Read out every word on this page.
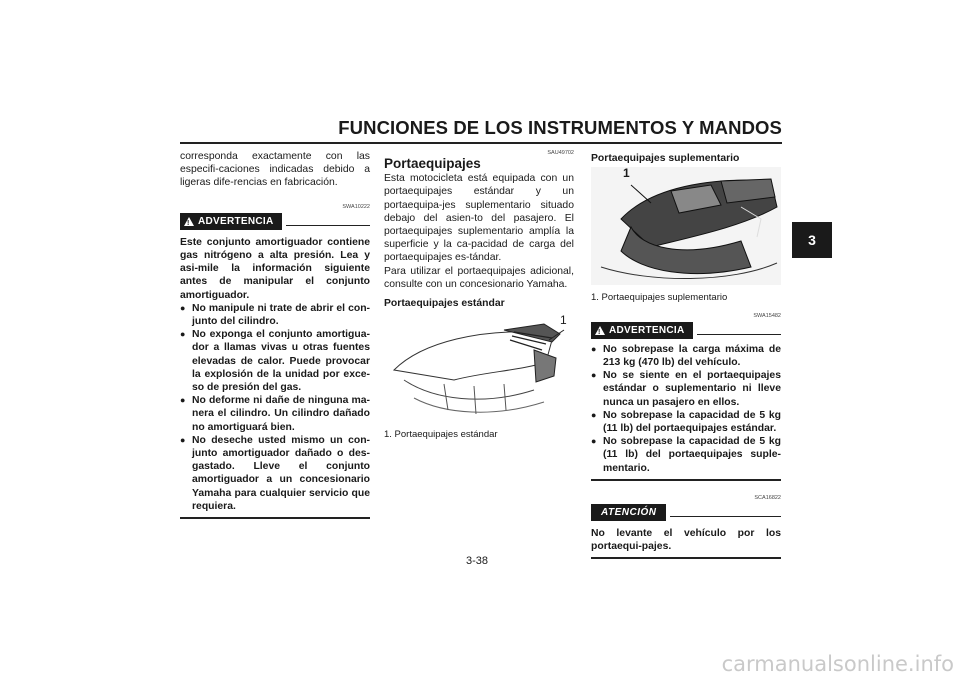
FUNCIONES DE LOS INSTRUMENTOS Y MANDOS
3

corresponda exactamente con las especifi-caciones indicadas debido a ligeras dife-rencias en fabricación.

SWA10222
!
ADVERTENCIA

Este conjunto amortiguador contiene gas nitrógeno a alta presión. Lea y asi-mile la información siguiente antes de manipular el conjunto amortiguador.

● No manipule ni trate de abrir el con-junto del cilindro.
● No exponga el conjunto amortigua-dor a llamas vivas u otras fuentes elevadas de calor. Puede provocar la explosión de la unidad por exce-so de presión del gas.
● No deforme ni dañe de ninguna ma-nera el cilindro. Un cilindro dañado no amortiguará bien.
● No deseche usted mismo un con-junto amortiguador dañado o des-gastado. Lleve el conjunto amortiguador a un concesionario Yamaha para cualquier servicio que requiera.
SAU49702
Portaequipajes

Esta motocicleta está equipada con un portaequipajes estándar y un portaequipa-jes suplementario situado debajo del asien-to del pasajero. El portaequipajes suplementario amplía la superficie y la ca-pacidad de carga del portaequipajes es-tándar.

Para utilizar el portaequipajes adicional, consulte con un concesionario Yamaha.

Portaequipajes estándar

1

1. Portaequipajes estándar

Portaequipajes suplementario

1

1. Portaequipajes suplementario

SWA15482
!
ADVERTENCIA
● No sobrepase la carga máxima de 213 kg (470 lb) del vehículo.
● No se siente en el portaequipajes estándar o suplementario ni lleve nunca un pasajero en ellos.
● No sobrepase la capacidad de 5 kg (11 lb) del portaequipajes estándar.
● No sobrepase la capacidad de 5 kg (11 lb) del portaequipajes suple-mentario.
SCA16822
ATENCIÓN

No levante el vehículo por los portaequi-pajes.

3-38
carmanualsonline.info
